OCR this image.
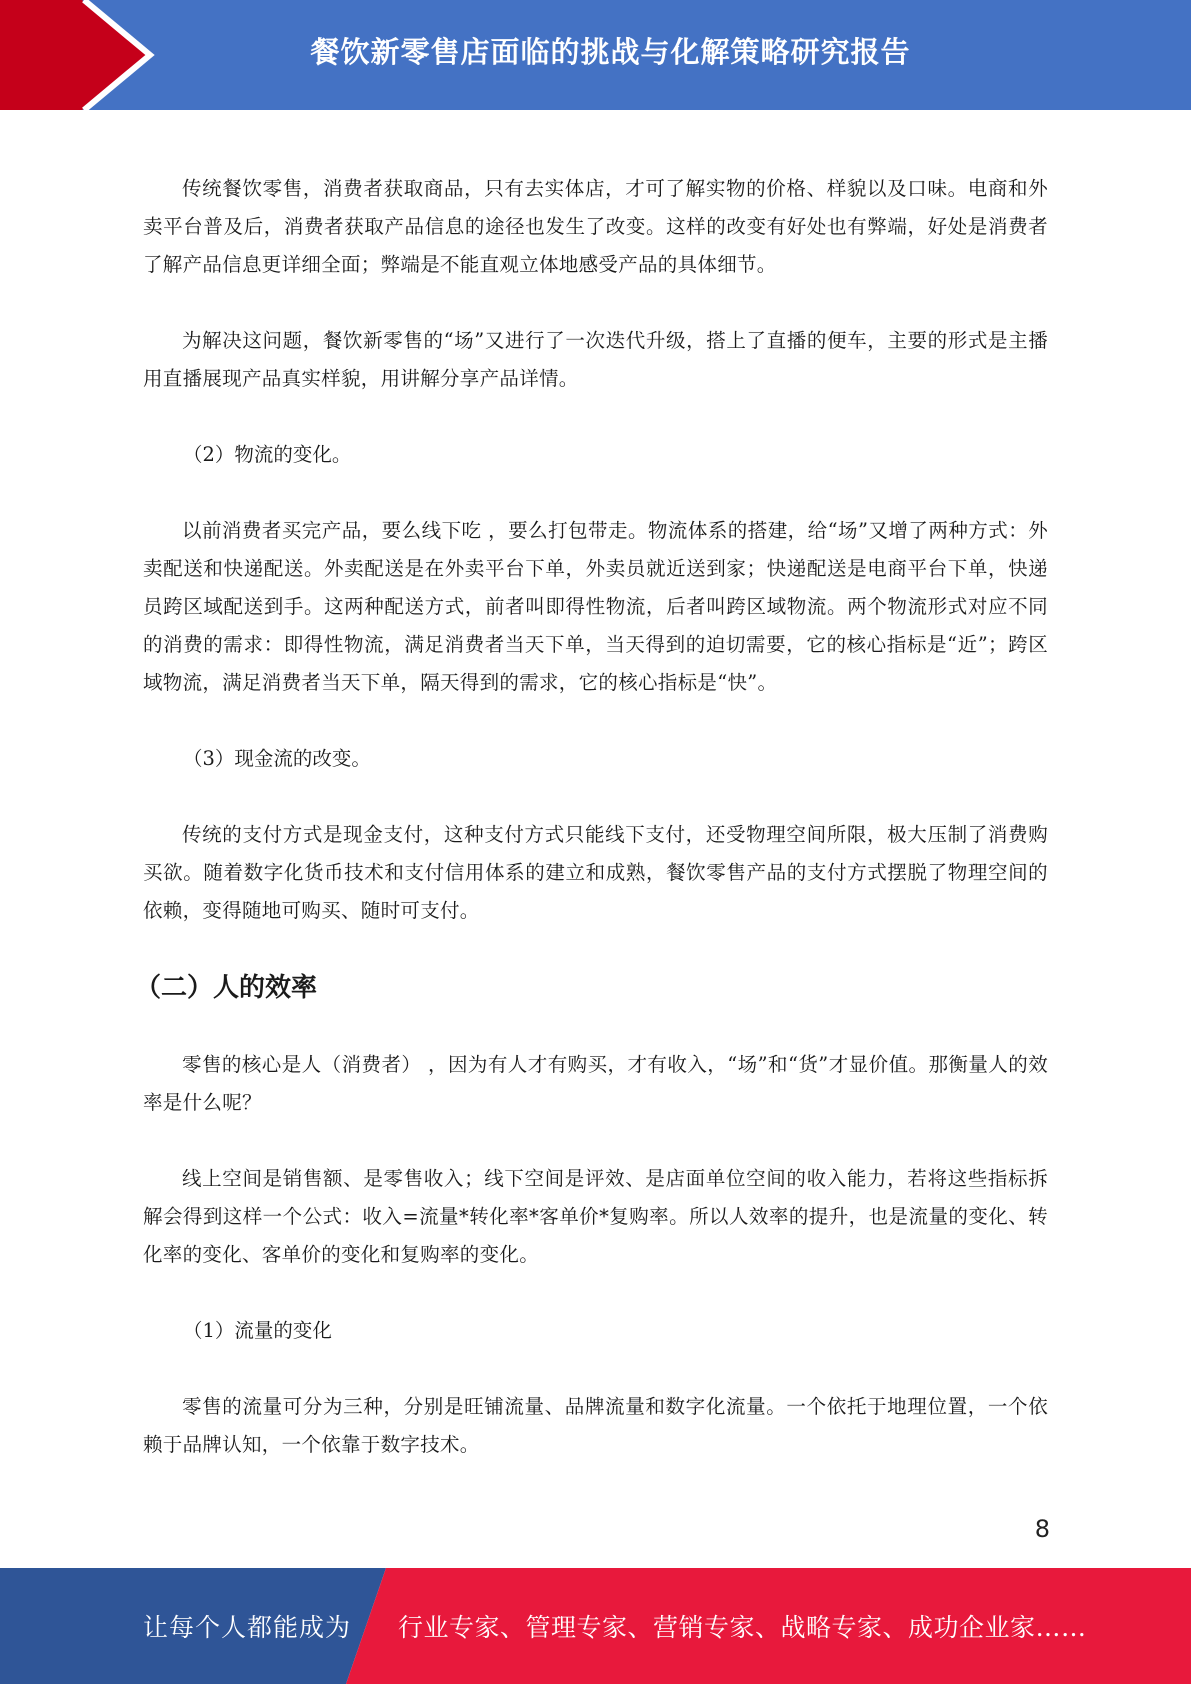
餐饮新零售店面临的挑战与化解策略研究报告

传统餐饮零售，消费者获取商品，只有去实体店，才可了解实物的价格、样貌以及口味。电商和外卖平台普及后，消费者获取产品信息的途径也发生了改变。这样的改变有好处也有弊端，好处是消费者了解产品信息更详细全面；弊端是不能直观立体地感受产品的具体细节。

为解决这问题，餐饮新零售的“场”又进行了一次迭代升级，搭上了直播的便车，主要的形式是主播用直播展现产品真实样貌，用讲解分享产品详情。

（2）物流的变化。

以前消费者买完产品，要么线下吃 ，要么打包带走。物流体系的搭建，给“场”又增了两种方式：外卖配送和快递配送。外卖配送是在外卖平台下单，外卖员就近送到家；快递配送是电商平台下单，快递员跨区域配送到手。这两种配送方式，前者叫即得性物流，后者叫跨区域物流。两个物流形式对应不同的消费的需求：即得性物流，满足消费者当天下单，当天得到的迫切需要，它的核心指标是“近”；跨区域物流，满足消费者当天下单，隔天得到的需求，它的核心指标是“快”。

（3）现金流的改变。

传统的支付方式是现金支付，这种支付方式只能线下支付，还受物理空间所限，极大压制了消费购买欲。随着数字化货币技术和支付信用体系的建立和成熟，餐饮零售产品的支付方式摆脱了物理空间的依赖，变得随地可购买、随时可支付。

（二）人的效率

零售的核心是人（消费者） ，因为有人才有购买，才有收入，“场”和“货”才显价值。那衡量人的效率是什么呢？

线上空间是销售额、是零售收入；线下空间是评效、是店面单位空间的收入能力，若将这些指标拆解会得到这样一个公式：收入=流量*转化率*客单价*复购率。所以人效率的提升，也是流量的变化、转化率的变化、客单价的变化和复购率的变化。

（1）流量的变化

零售的流量可分为三种，分别是旺铺流量、品牌流量和数字化流量。一个依托于地理位置，一个依赖于品牌认知，一个依靠于数字技术。

8
让每个人都能成为	行业专家、管理专家、营销专家、战略专家、成功企业家……
